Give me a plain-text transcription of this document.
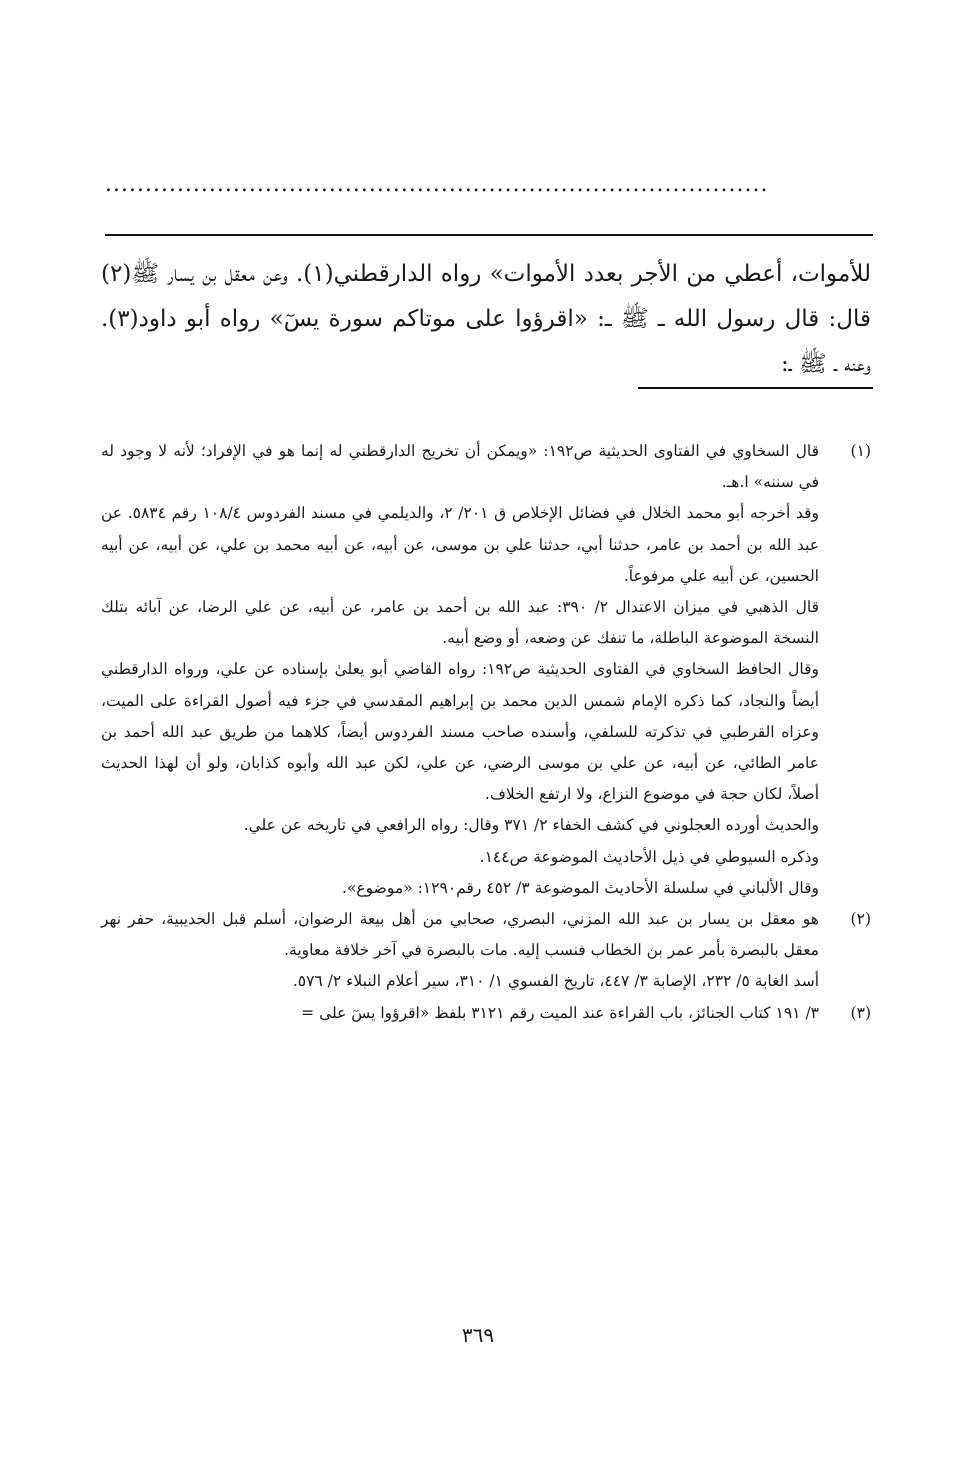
...................................................................................

للأموات، أعطي من الأجر بعدد الأموات» رواه الدارقطني(١). وعن معقل بن يسار ﷺ(٢) قال: قال رسول الله ـ ﷺ ـ: «اقرؤوا على موتاكم سورة يسٓ» رواه أبو داود(٣). وعنه ـ ﷺ ـ:

(١)
قال السخاوي في الفتاوى الحديثية ص١٩٢: «ويمكن أن تخريج الدارقطني له إنما هو في الإفراد؛ لأنه لا وجود له في سننه» ا.هـ.

وقد أخرجه أبو محمد الخلال في فضائل الإخلاص ق ٢٠١/ ٢، والديلمي في مسند الفردوس ١٠٨/٤ رقم ٥٨٣٤. عن عبد الله بن أحمد بن عامر، حدثنا أبي، حدثنا علي بن موسى، عن أبيه، عن أبيه محمد بن علي، عن أبيه، عن أبيه الحسين، عن أبيه علي مرفوعاً.

قال الذهبي في ميزان الاعتدال ٢/ ٣٩٠: عبد الله بن أحمد بن عامر، عن أبيه، عن علي الرضا، عن آبائه بتلك النسخة الموضوعة الباطلة، ما تنفك عن وضعه، أو وضع أبيه.

وقال الحافظ السخاوي في الفتاوى الحديثية ص١٩٢: رواه القاضي أبو يعلىٰ بإسناده عن علي، ورواه الدارقطني أيضاً والنجاد، كما ذكره الإمام شمس الدين محمد بن إبراهيم المقدسي في جزء فيه أصول القراءة على الميت، وعزاه القرطبي في تذكرته للسلفي، وأسنده صاحب مسند الفردوس أيضاً، كلاهما من طريق عبد الله أحمد بن عامر الطائي، عن أبيه، عن علي بن موسى الرضي، عن علي، لكن عبد الله وأبوه كذابان، ولو أن لهذا الحديث أصلاً، لكان حجة في موضوع النزاع، ولا ارتفع الخلاف.

والحديث أورده العجلوني في كشف الخفاء ٢/ ٣٧١ وقال: رواه الرافعي في تاريخه عن علي.

وذكره السيوطي في ذيل الأحاديث الموضوعة ص١٤٤.

وقال الألباني في سلسلة الأحاديث الموضوعة ٣/ ٤٥٢ رقم١٢٩٠: «موضوع».

(٢)
هو معقل بن يسار بن عبد الله المزني، البصري، صحابي من أهل بيعة الرضوان، أسلم قبل الحديبية، حفر نهر معقل بالبصرة بأمر عمر بن الخطاب فنسب إليه. مات بالبصرة في آخر خلافة معاوية.

أسد الغابة ٥/ ٢٣٢، الإصابة ٣/ ٤٤٧، تاريخ الفسوي ١/ ٣١٠، سير أعلام النبلاء ٢/ ٥٧٦.

(٣)
٣/ ١٩١ كتاب الجنائز، باب القراءة عند الميت رقم ٣١٢١ بلفظ «اقرؤوا يسٓ على =
٣٦٩
